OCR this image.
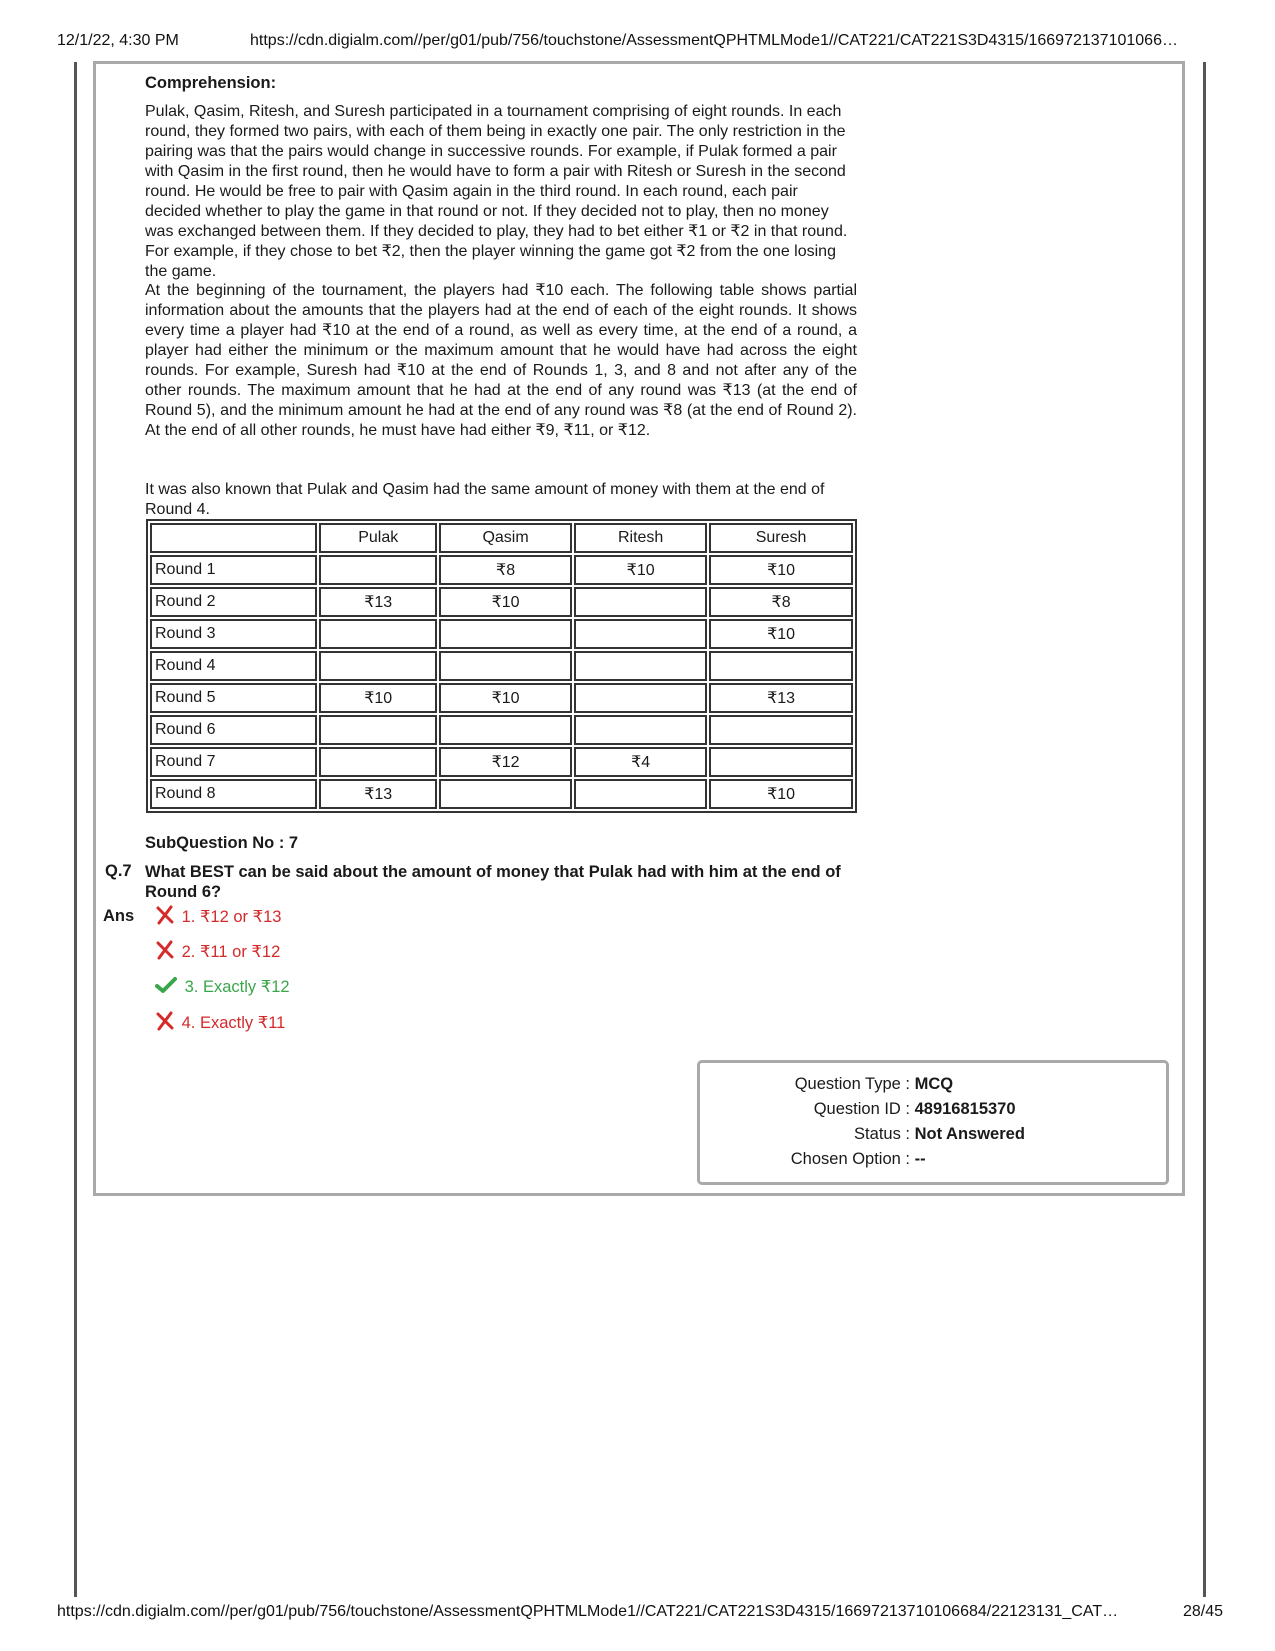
12/1/22, 4:30 PM	https://cdn.digialm.com//per/g01/pub/756/touchstone/AssessmentQPHTMLMode1//CAT221/CAT221S3D4315/166972137101066…
Comprehension:

Pulak, Qasim, Ritesh, and Suresh participated in a tournament comprising of eight rounds. In each round, they formed two pairs, with each of them being in exactly one pair. The only restriction in the pairing was that the pairs would change in successive rounds. For example, if Pulak formed a pair with Qasim in the first round, then he would have to form a pair with Ritesh or Suresh in the second round. He would be free to pair with Qasim again in the third round. In each round, each pair decided whether to play the game in that round or not. If they decided not to play, then no money was exchanged between them. If they decided to play, they had to bet either ₹1 or ₹2 in that round. For example, if they chose to bet ₹2, then the player winning the game got ₹2 from the one losing the game.

At the beginning of the tournament, the players had ₹10 each. The following table shows partial information about the amounts that the players had at the end of each of the eight rounds. It shows every time a player had ₹10 at the end of a round, as well as every time, at the end of a round, a player had either the minimum or the maximum amount that he would have had across the eight rounds. For example, Suresh had ₹10 at the end of Rounds 1, 3, and 8 and not after any of the other rounds. The maximum amount that he had at the end of any round was ₹13 (at the end of Round 5), and the minimum amount he had at the end of any round was ₹8 (at the end of Round 2). At the end of all other rounds, he must have had either ₹9, ₹11, or ₹12.

It was also known that Pulak and Qasim had the same amount of money with them at the end of Round 4.

	Pulak	Qasim	Ritesh	Suresh
Round 1		₹8	₹10	₹10
Round 2	₹13	₹10		₹8
Round 3				₹10
Round 4				
Round 5	₹10	₹10		₹13
Round 6				
Round 7		₹12	₹4	
Round 8	₹13			₹10
SubQuestion No : 7
Q.7 What BEST can be said about the amount of money that Pulak had with him at the end of Round 6?
Ans	1. ₹12 or ₹13
2. ₹11 or ₹12
3. Exactly ₹12
4. Exactly ₹11
Question Type : MCQ
Question ID : 48916815370
Status : Not Answered
Chosen Option : --
https://cdn.digialm.com//per/g01/pub/756/touchstone/AssessmentQPHTMLMode1//CAT221/CAT221S3D4315/16697213710106684/22123131_CAT…	28/45
